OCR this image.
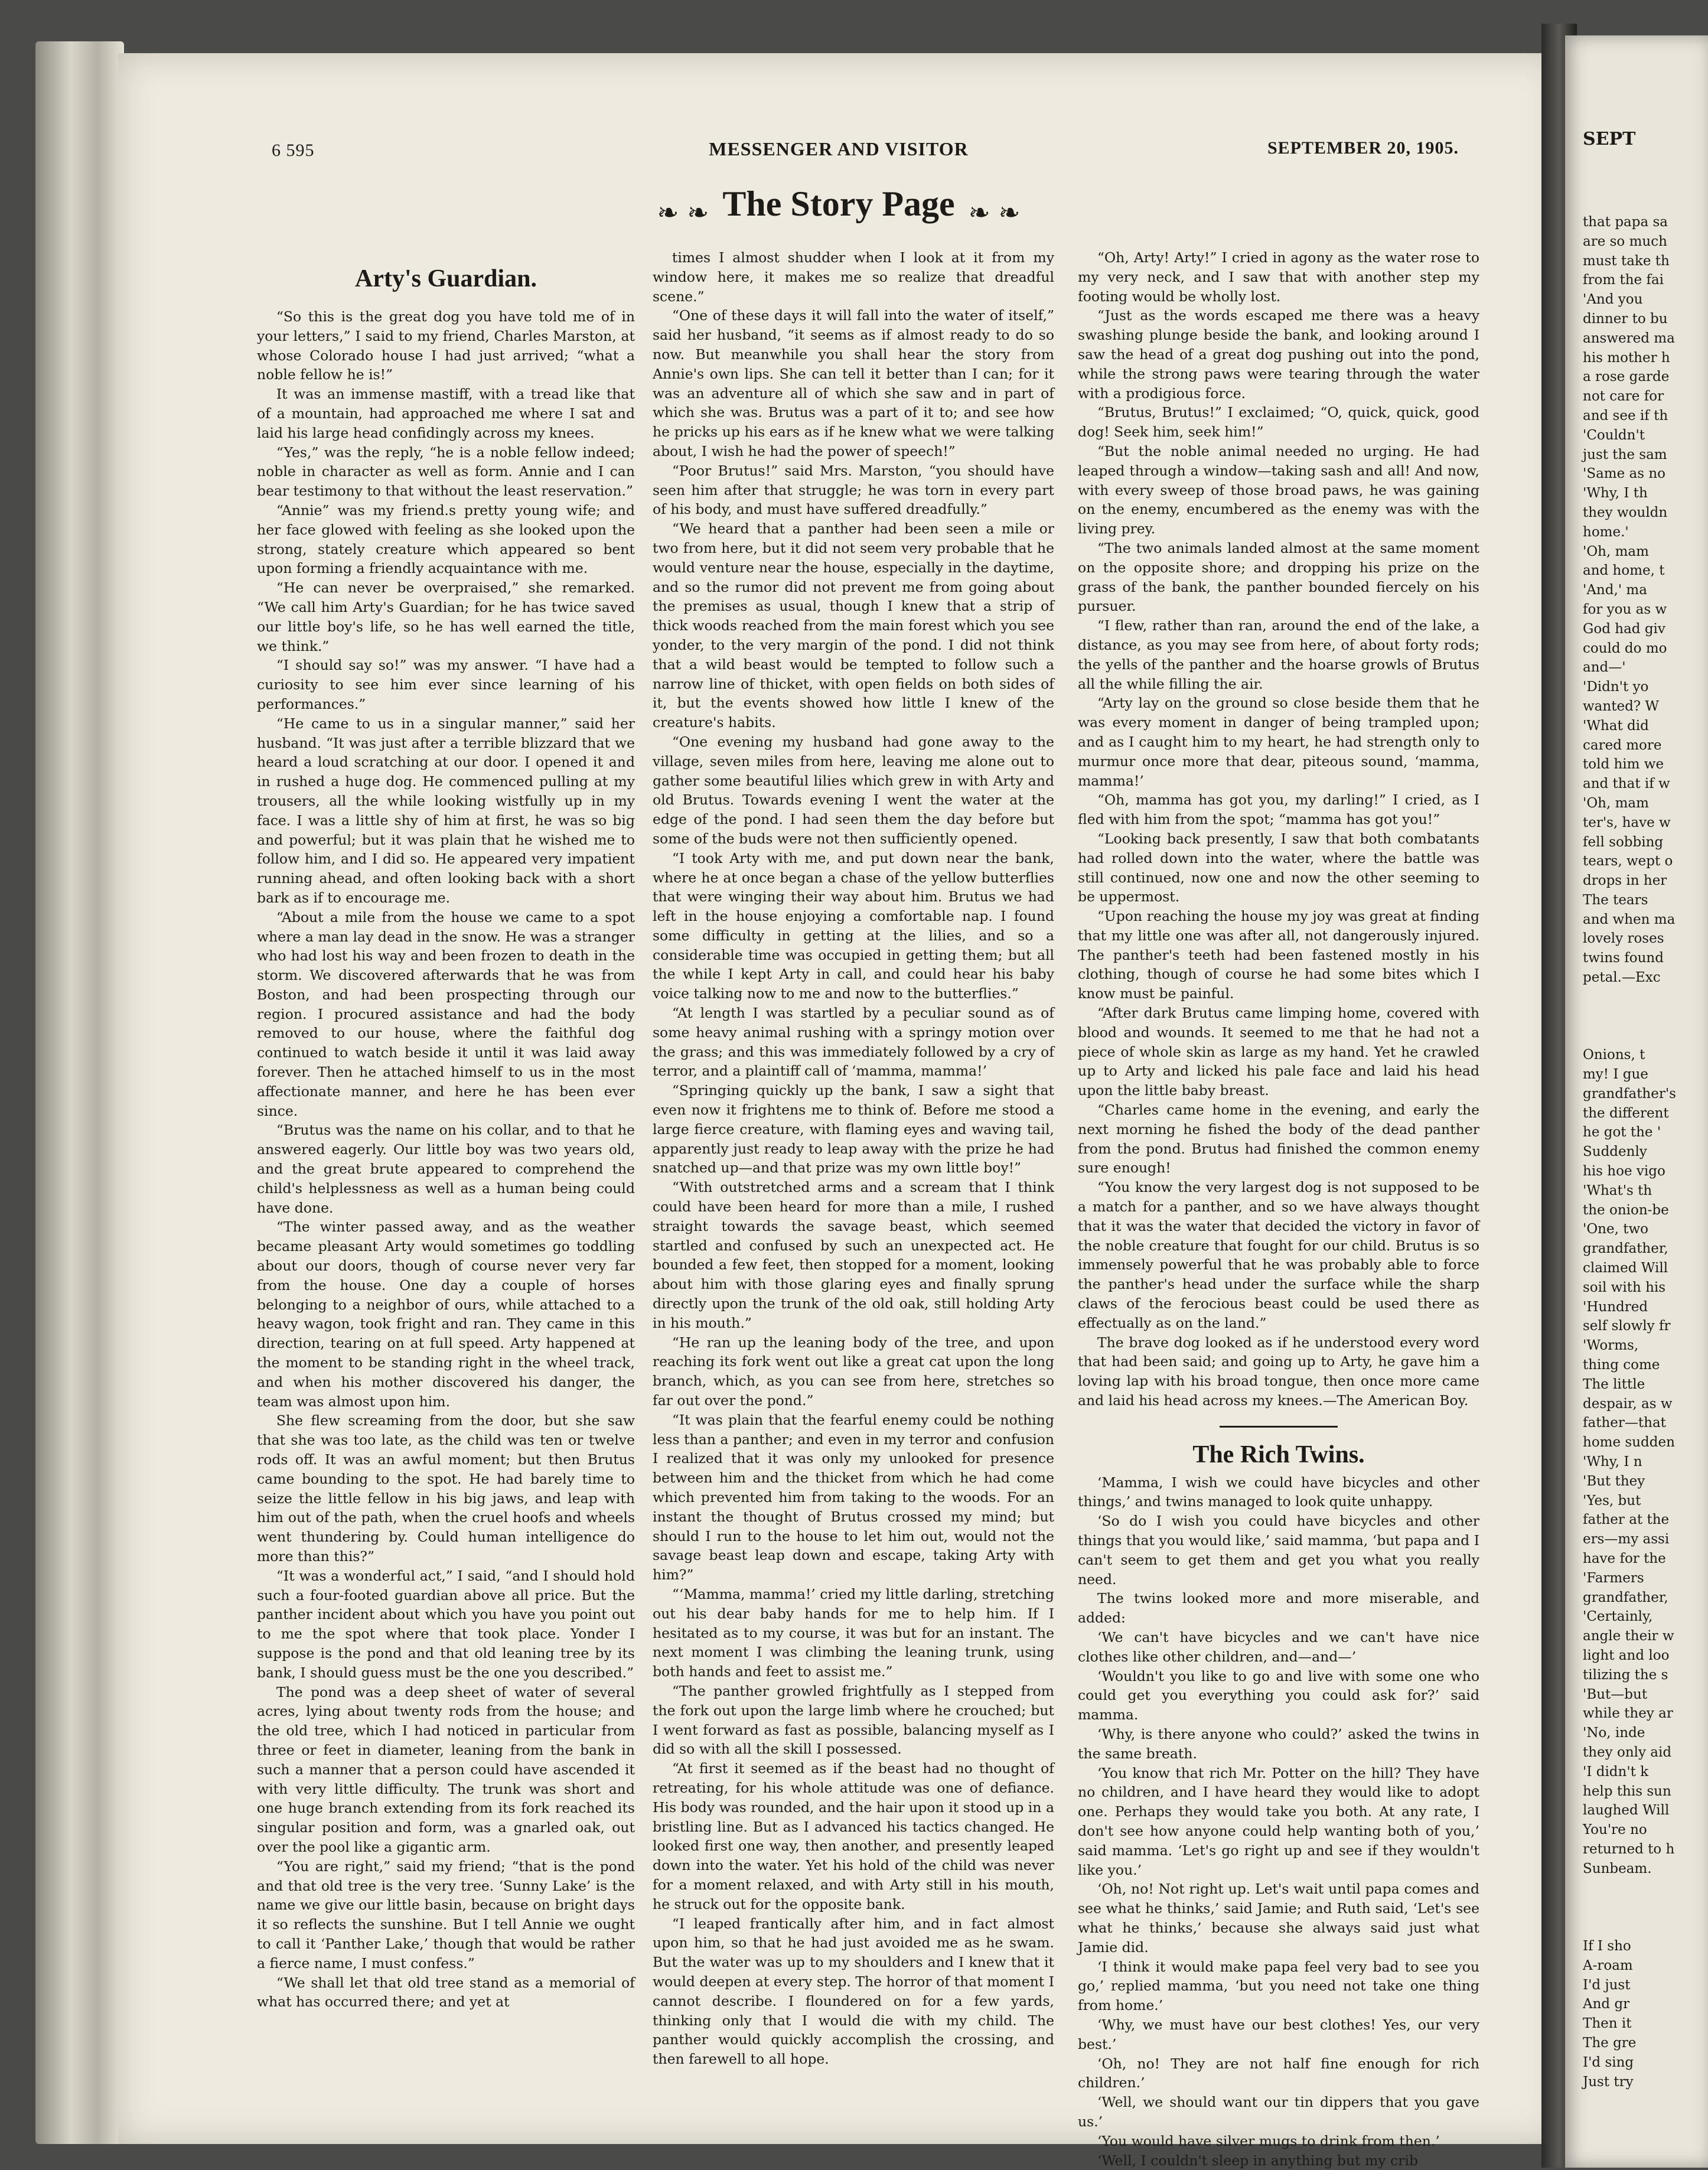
6 595	MESSENGER AND VISITOR	SEPTEMBER 20, 1905.
❧ ❧ The Story Page ❧ ❧
Arty's Guardian.

“So this is the great dog you have told me of in your letters,” I said to my friend, Charles Marston, at whose Colorado house I had just arrived; “what a noble fellow he is!”

It was an immense mastiff, with a tread like that of a mountain, had approached me where I sat and laid his large head confidingly across my knees.

“Yes,” was the reply, “he is a noble fellow indeed; noble in character as well as form. Annie and I can bear testimony to that without the least reservation.”

“Annie” was my friend.s pretty young wife; and her face glowed with feeling as she looked upon the strong, stately creature which appeared so bent upon forming a friendly acquaintance with me.

“He can never be overpraised,” she remarked. “We call him Arty's Guardian; for he has twice saved our little boy's life, so he has well earned the title, we think.”

“I should say so!” was my answer. “I have had a curiosity to see him ever since learning of his performances.”

“He came to us in a singular manner,” said her husband. “It was just after a terrible blizzard that we heard a loud scratching at our door. I opened it and in rushed a huge dog. He commenced pulling at my trousers, all the while looking wistfully up in my face. I was a little shy of him at first, he was so big and powerful; but it was plain that he wished me to follow him, and I did so. He appeared very impatient running ahead, and often looking back with a short bark as if to encourage me.

“About a mile from the house we came to a spot where a man lay dead in the snow. He was a stranger who had lost his way and been frozen to death in the storm. We discovered afterwards that he was from Boston, and had been prospecting through our region. I procured assistance and had the body removed to our house, where the faithful dog continued to watch beside it until it was laid away forever. Then he attached himself to us in the most affectionate manner, and here he has been ever since.

“Brutus was the name on his collar, and to that he answered eagerly. Our little boy was two years old, and the great brute appeared to comprehend the child's helplessness as well as a human being could have done.

“The winter passed away, and as the weather became pleasant Arty would sometimes go toddling about our doors, though of course never very far from the house. One day a couple of horses belonging to a neighbor of ours, while attached to a heavy wagon, took fright and ran. They came in this direction, tearing on at full speed. Arty happened at the moment to be standing right in the wheel track, and when his mother discovered his danger, the team was almost upon him.

She flew screaming from the door, but she saw that she was too late, as the child was ten or twelve rods off. It was an awful moment; but then Brutus came bounding to the spot. He had barely time to seize the little fellow in his big jaws, and leap with him out of the path, when the cruel hoofs and wheels went thundering by. Could human intelligence do more than this?”

“It was a wonderful act,” I said, “and I should hold such a four-footed guardian above all price. But the panther incident about which you have you point out to me the spot where that took place. Yonder I suppose is the pond and that old leaning tree by its bank, I should guess must be the one you described.”

The pond was a deep sheet of water of several acres, lying about twenty rods from the house; and the old tree, which I had noticed in particular from three or feet in diameter, leaning from the bank in such a manner that a person could have ascended it with very little difficulty. The trunk was short and one huge branch extending from its fork reached its singular position and form, was a gnarled oak, out over the pool like a gigantic arm.

“You are right,” said my friend; “that is the pond and that old tree is the very tree. ‘Sunny Lake’ is the name we give our little basin, because on bright days it so reflects the sunshine. But I tell Annie we ought to call it ‘Panther Lake,’ though that would be rather a fierce name, I must confess.”

“We shall let that old tree stand as a memorial of what has occurred there; and yet at

times I almost shudder when I look at it from my window here, it makes me so realize that dreadful scene.”

“One of these days it will fall into the water of itself,” said her husband, “it seems as if almost ready to do so now. But meanwhile you shall hear the story from Annie's own lips. She can tell it better than I can; for it was an adventure all of which she saw and in part of which she was. Brutus was a part of it to; and see how he pricks up his ears as if he knew what we were talking about, I wish he had the power of speech!”

“Poor Brutus!” said Mrs. Marston, “you should have seen him after that struggle; he was torn in every part of his body, and must have suffered dreadfully.”

“We heard that a panther had been seen a mile or two from here, but it did not seem very probable that he would venture near the house, especially in the daytime, and so the rumor did not prevent me from going about the premises as usual, though I knew that a strip of thick woods reached from the main forest which you see yonder, to the very margin of the pond. I did not think that a wild beast would be tempted to follow such a narrow line of thicket, with open fields on both sides of it, but the events showed how little I knew of the creature's habits.

“One evening my husband had gone away to the village, seven miles from here, leaving me alone out to gather some beautiful lilies which grew in with Arty and old Brutus. Towards evening I went the water at the edge of the pond. I had seen them the day before but some of the buds were not then sufficiently opened.

“I took Arty with me, and put down near the bank, where he at once began a chase of the yellow butterflies that were winging their way about him. Brutus we had left in the house enjoying a comfortable nap. I found some difficulty in getting at the lilies, and so a considerable time was occupied in getting them; but all the while I kept Arty in call, and could hear his baby voice talking now to me and now to the butterflies.”

“At length I was startled by a peculiar sound as of some heavy animal rushing with a springy motion over the grass; and this was immediately followed by a cry of terror, and a plaintiff call of ‘mamma, mamma!’

“Springing quickly up the bank, I saw a sight that even now it frightens me to think of. Before me stood a large fierce creature, with flaming eyes and waving tail, apparently just ready to leap away with the prize he had snatched up—and that prize was my own little boy!”

“With outstretched arms and a scream that I think could have been heard for more than a mile, I rushed straight towards the savage beast, which seemed startled and confused by such an unexpected act. He bounded a few feet, then stopped for a moment, looking about him with those glaring eyes and finally sprung directly upon the trunk of the old oak, still holding Arty in his mouth.”

“He ran up the leaning body of the tree, and upon reaching its fork went out like a great cat upon the long branch, which, as you can see from here, stretches so far out over the pond.”

“It was plain that the fearful enemy could be nothing less than a panther; and even in my terror and confusion I realized that it was only my unlooked for presence between him and the thicket from which he had come which prevented him from taking to the woods. For an instant the thought of Brutus crossed my mind; but should I run to the house to let him out, would not the savage beast leap down and escape, taking Arty with him?”

“‘Mamma, mamma!’ cried my little darling, stretching out his dear baby hands for me to help him. If I hesitated as to my course, it was but for an instant. The next moment I was climbing the leaning trunk, using both hands and feet to assist me.”

“The panther growled frightfully as I stepped from the fork out upon the large limb where he crouched; but I went forward as fast as possible, balancing myself as I did so with all the skill I possessed.

“At first it seemed as if the beast had no thought of retreating, for his whole attitude was one of defiance. His body was rounded, and the hair upon it stood up in a bristling line. But as I advanced his tactics changed. He looked first one way, then another, and presently leaped down into the water. Yet his hold of the child was never for a moment relaxed, and with Arty still in his mouth, he struck out for the opposite bank.

“I leaped frantically after him, and in fact almost upon him, so that he had just avoided me as he swam. But the water was up to my shoulders and I knew that it would deepen at every step. The horror of that moment I cannot describe. I floundered on for a few yards, thinking only that I would die with my child. The panther would quickly accomplish the crossing, and then farewell to all hope.

“Oh, Arty! Arty!” I cried in agony as the water rose to my very neck, and I saw that with another step my footing would be wholly lost.

“Just as the words escaped me there was a heavy swashing plunge beside the bank, and looking around I saw the head of a great dog pushing out into the pond, while the strong paws were tearing through the water with a prodigious force.

“Brutus, Brutus!” I exclaimed; “O, quick, quick, good dog! Seek him, seek him!”

“But the noble animal needed no urging. He had leaped through a window—taking sash and all! And now, with every sweep of those broad paws, he was gaining on the enemy, encumbered as the enemy was with the living prey.

“The two animals landed almost at the same moment on the opposite shore; and dropping his prize on the grass of the bank, the panther bounded fiercely on his pursuer.

“I flew, rather than ran, around the end of the lake, a distance, as you may see from here, of about forty rods; the yells of the panther and the hoarse growls of Brutus all the while filling the air.

“Arty lay on the ground so close beside them that he was every moment in danger of being trampled upon; and as I caught him to my heart, he had strength only to murmur once more that dear, piteous sound, ‘mamma, mamma!’

“Oh, mamma has got you, my darling!” I cried, as I fled with him from the spot; “mamma has got you!”

“Looking back presently, I saw that both combatants had rolled down into the water, where the battle was still continued, now one and now the other seeming to be uppermost.

“Upon reaching the house my joy was great at finding that my little one was after all, not dangerously injured. The panther's teeth had been fastened mostly in his clothing, though of course he had some bites which I know must be painful.

“After dark Brutus came limping home, covered with blood and wounds. It seemed to me that he had not a piece of whole skin as large as my hand. Yet he crawled up to Arty and licked his pale face and laid his head upon the little baby breast.

“Charles came home in the evening, and early the next morning he fished the body of the dead panther from the pond. Brutus had finished the common enemy sure enough!

“You know the very largest dog is not supposed to be a match for a panther, and so we have always thought that it was the water that decided the victory in favor of the noble creature that fought for our child. Brutus is so immensely powerful that he was probably able to force the panther's head under the surface while the sharp claws of the ferocious beast could be used there as effectually as on the land.”

The brave dog looked as if he understood every word that had been said; and going up to Arty, he gave him a loving lap with his broad tongue, then once more came and laid his head across my knees.—The American Boy.

The Rich Twins.

‘Mamma, I wish we could have bicycles and other things,’ and twins managed to look quite unhappy.

‘So do I wish you could have bicycles and other things that you would like,’ said mamma, ‘but papa and I can't seem to get them and get you what you really need.

The twins looked more and more miserable, and added:

‘We can't have bicycles and we can't have nice clothes like other children, and—and—’

‘Wouldn't you like to go and live with some one who could get you everything you could ask for?’ said mamma.

‘Why, is there anyone who could?’ asked the twins in the same breath.

‘You know that rich Mr. Potter on the hill? They have no children, and I have heard they would like to adopt one. Perhaps they would take you both. At any rate, I don't see how anyone could help wanting both of you,’ said mamma. ‘Let's go right up and see if they wouldn't like you.’

‘Oh, no! Not right up. Let's wait until papa comes and see what he thinks,’ said Jamie; and Ruth said, ‘Let's see what he thinks,’ because she always said just what Jamie did.

‘I think it would make papa feel very bad to see you go,’ replied mamma, ‘but you need not take one thing from home.’

‘Why, we must have our best clothes! Yes, our very best.’

‘Oh, no! They are not half fine enough for rich children.’

‘Well, we should want our tin dippers that you gave us.’

‘You would have silver mugs to drink from then.’

‘Well, I couldn't sleep in anything but my crib

SEPT
that papa sa
are so much
must take th
from the fai
'And you
dinner to bu
answered ma
his mother h
a rose garde
not care for
and see if th
'Couldn't
just the sam
'Same as no
'Why, I th
they wouldn
home.'
'Oh, mam
and home, t
'And,' ma
for you as w
God had giv
could do mo
and—'
'Didn't yo
wanted? W
'What did
cared more
told him we
and that if w
'Oh, mam
ter's, have w
fell sobbing
tears, wept o
drops in her
The tears
and when ma
lovely roses
twins found
petal.—Exc

Onions, t
my! I gue
grandfather's
the different
he got the '
Suddenly
his hoe vigo
'What's th
the onion-be
'One, two
grandfather,
claimed Will
soil with his
'Hundred
self slowly fr
'Worms,
thing come
The little
despair, as w
father—that
home sudden
'Why, I n
'But they
'Yes, but
father at the
ers—my assi
have for the
'Farmers
grandfather,
'Certainly,
angle their w
light and loo
tilizing the s
'But—but
while they ar
'No, inde
they only aid
'I didn't k
help this sun
laughed Will
You're no
returned to h
Sunbeam.

If I sho
A-roam
I'd just
And gr
Then it
The gre
I'd sing
Just try
